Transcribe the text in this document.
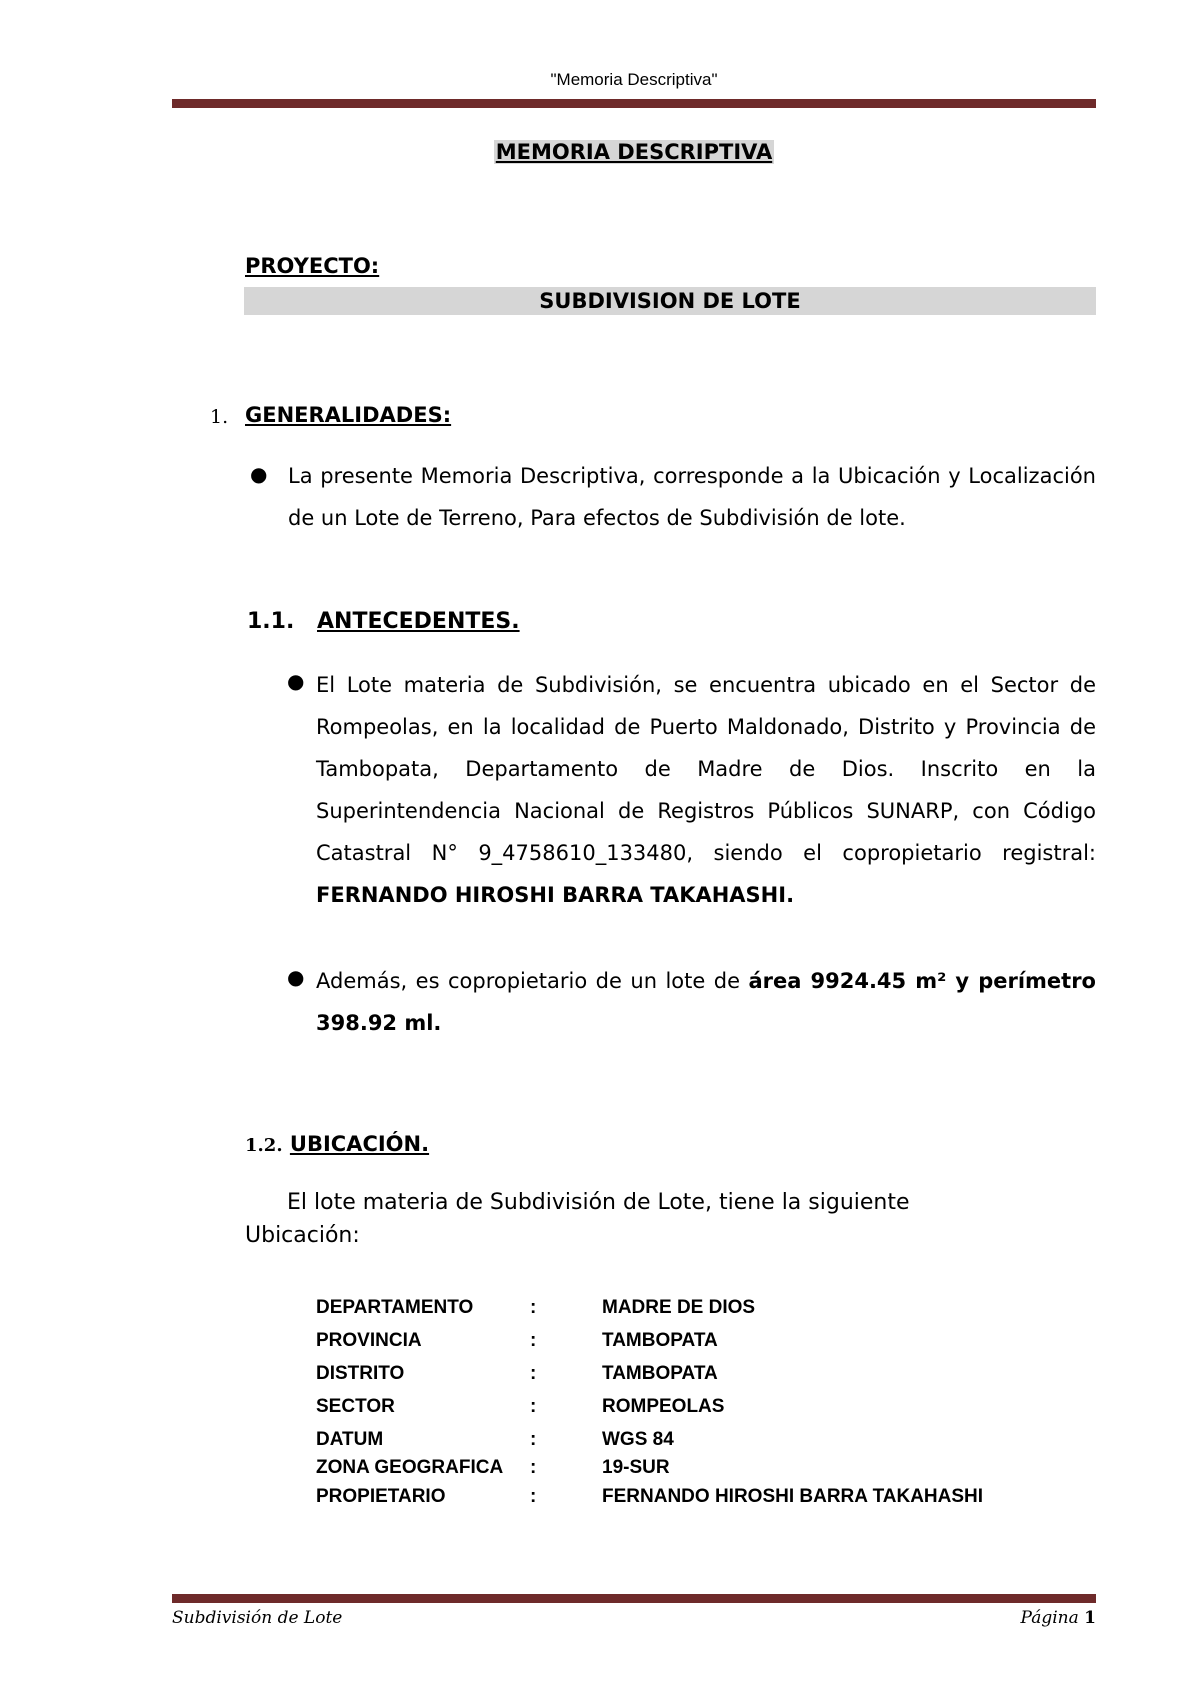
"Memoria Descriptiva"
MEMORIA DESCRIPTIVA
PROYECTO:
SUBDIVISION DE LOTE
1. GENERALIDADES:
● La presente Memoria Descriptiva, corresponde a la Ubicación y Localización de un Lote de Terreno, Para efectos de Subdivisión de lote.
1.1. ANTECEDENTES.
● El Lote materia de Subdivisión, se encuentra ubicado en el Sector de Rompeolas, en la localidad de Puerto Maldonado, Distrito y Provincia de Tambopata, Departamento de Madre de Dios. Inscrito en la Superintendencia Nacional de Registros Públicos SUNARP, con Código Catastral N° 9_4758610_133480, siendo el copropietario registral: FERNANDO HIROSHI BARRA TAKAHASHI.
● Además, es copropietario de un lote de área 9924.45 m² y perímetro 398.92 ml.
1.2. UBICACIÓN.
El lote materia de Subdivisión de Lote, tiene la siguiente Ubicación:
DEPARTAMENTO	:	MADRE DE DIOS
PROVINCIA	:	TAMBOPATA
DISTRITO	:	TAMBOPATA
SECTOR	:	ROMPEOLAS
DATUM	:	WGS 84
ZONA GEOGRAFICA :	19-SUR
PROPIETARIO	:	FERNANDO HIROSHI BARRA TAKAHASHI
Subdivisión de Lote	Página 1
